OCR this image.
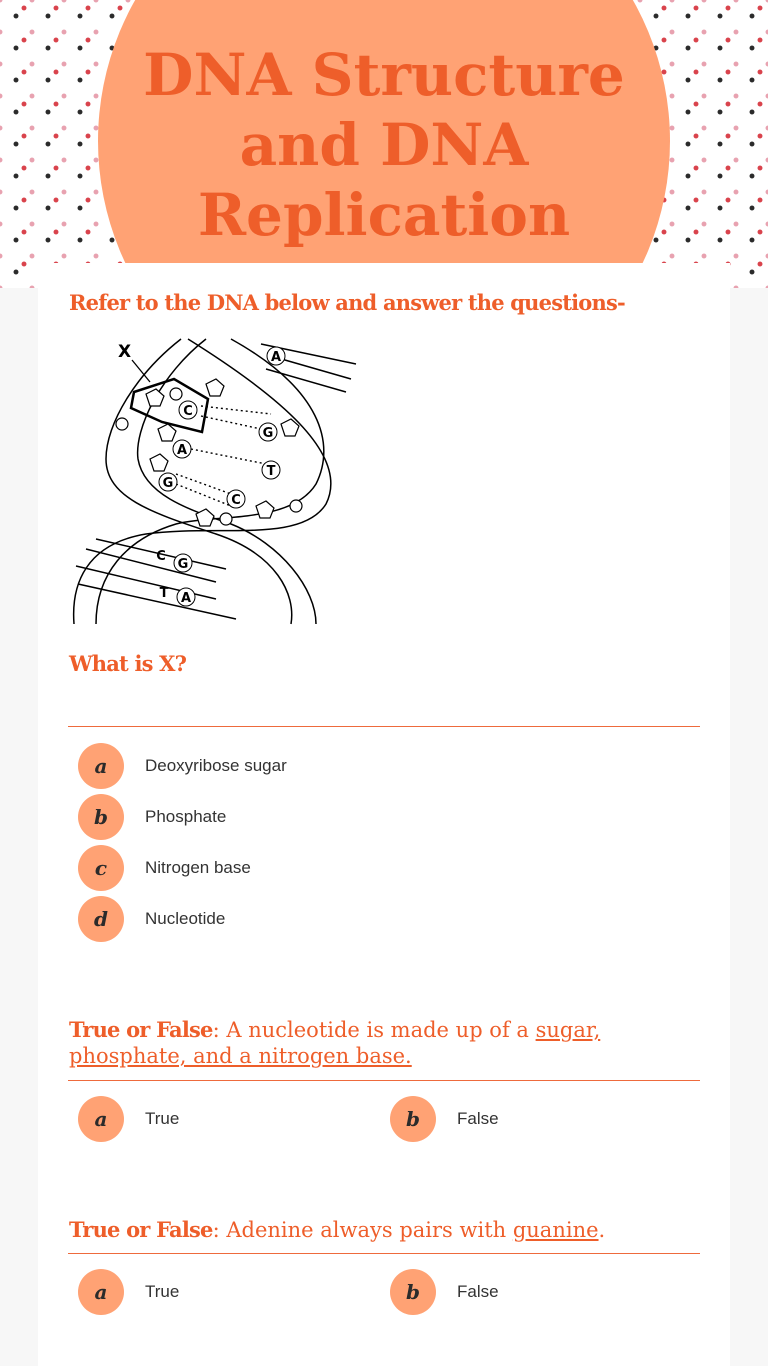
DNA Structure and DNA Replication

Refer to the DNA below and answer the questions-

X	A
C
G
A
T
G
C
C
G
T A

What is X?

a	Deoxyribose sugar
b	Phosphate
c	Nitrogen base
d	Nucleotide

True or False: A nucleotide is made up of a sugar, phosphate, and a nitrogen base.

a	True	b	False

True or False: Adenine always pairs with guanine.

a	True	b	False
